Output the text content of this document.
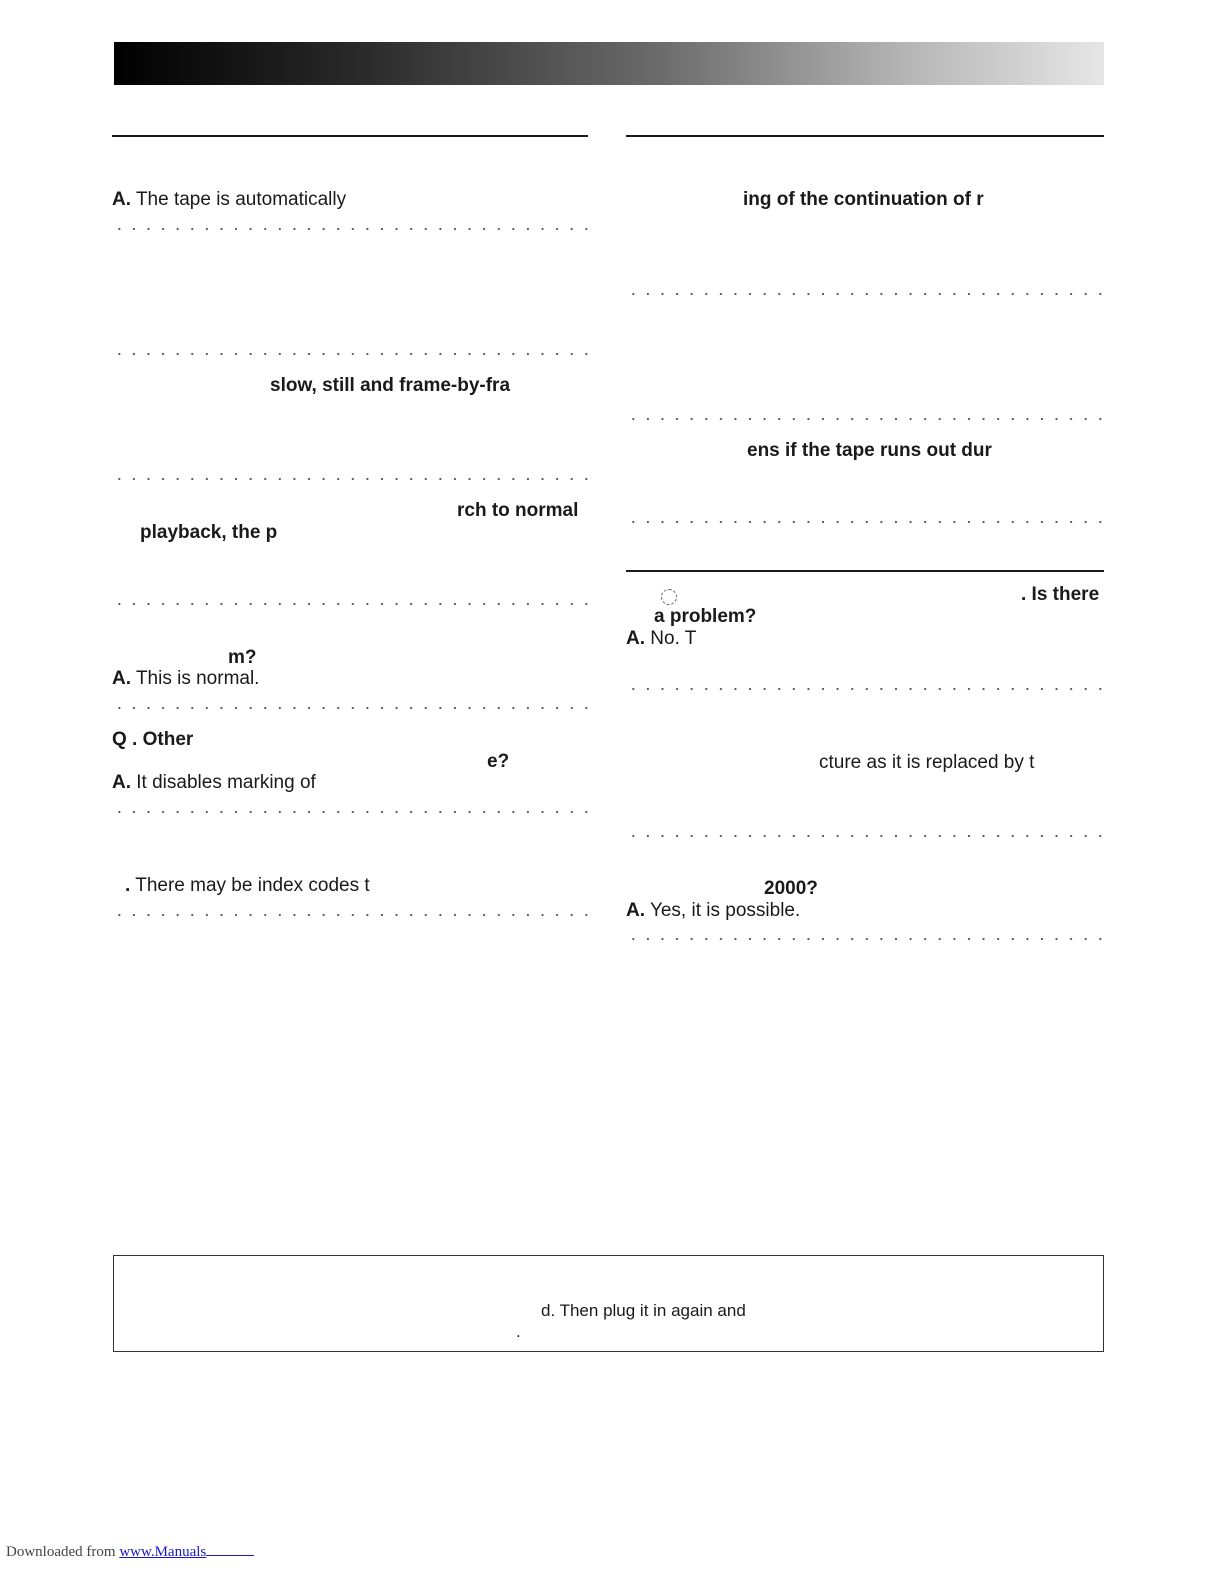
A. The tape is automatically
slow, still and frame-by-fra
rch to normal
playback, the p
m?
A. This is normal.
Q . Other
e?
A. It disables marking of
. There may be index codes t
ing of the continuation of r
ens if the tape runs out dur
. Is there
a problem?
A. No. T
cture as it is replaced by t
2000?
A. Yes, it is possible.
d. Then plug it in again and
.
Downloaded from www.Manuals
